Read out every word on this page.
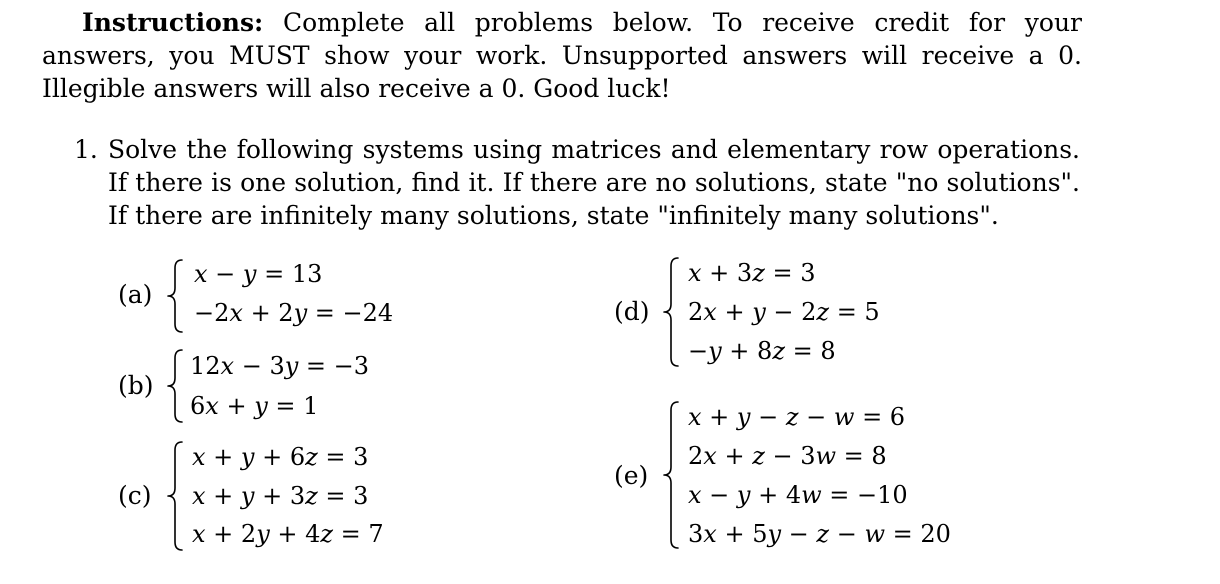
Instructions: Complete all problems below. To receive credit for your answers, you MUST show your work. Unsupported answers will receive a 0. Illegible answers will also receive a 0. Good luck!
1. Solve the following systems using matrices and elementary row operations. If there is one solution, find it. If there are no solutions, state "no solutions". If there are infinitely many solutions, state "infinitely many solutions".
(a)
x − y = 13
−2x + 2y = −24
(b)
12x − 3y = −3
6x + y = 1
(c)
x + y + 6z = 3
x + y + 3z = 3
x + 2y + 4z = 7
(d)
x + 3z = 3
2x + y − 2z = 5
−y + 8z = 8
(e)
x + y − z − w = 6
2x + z − 3w = 8
x − y + 4w = −10
3x + 5y − z − w = 20
